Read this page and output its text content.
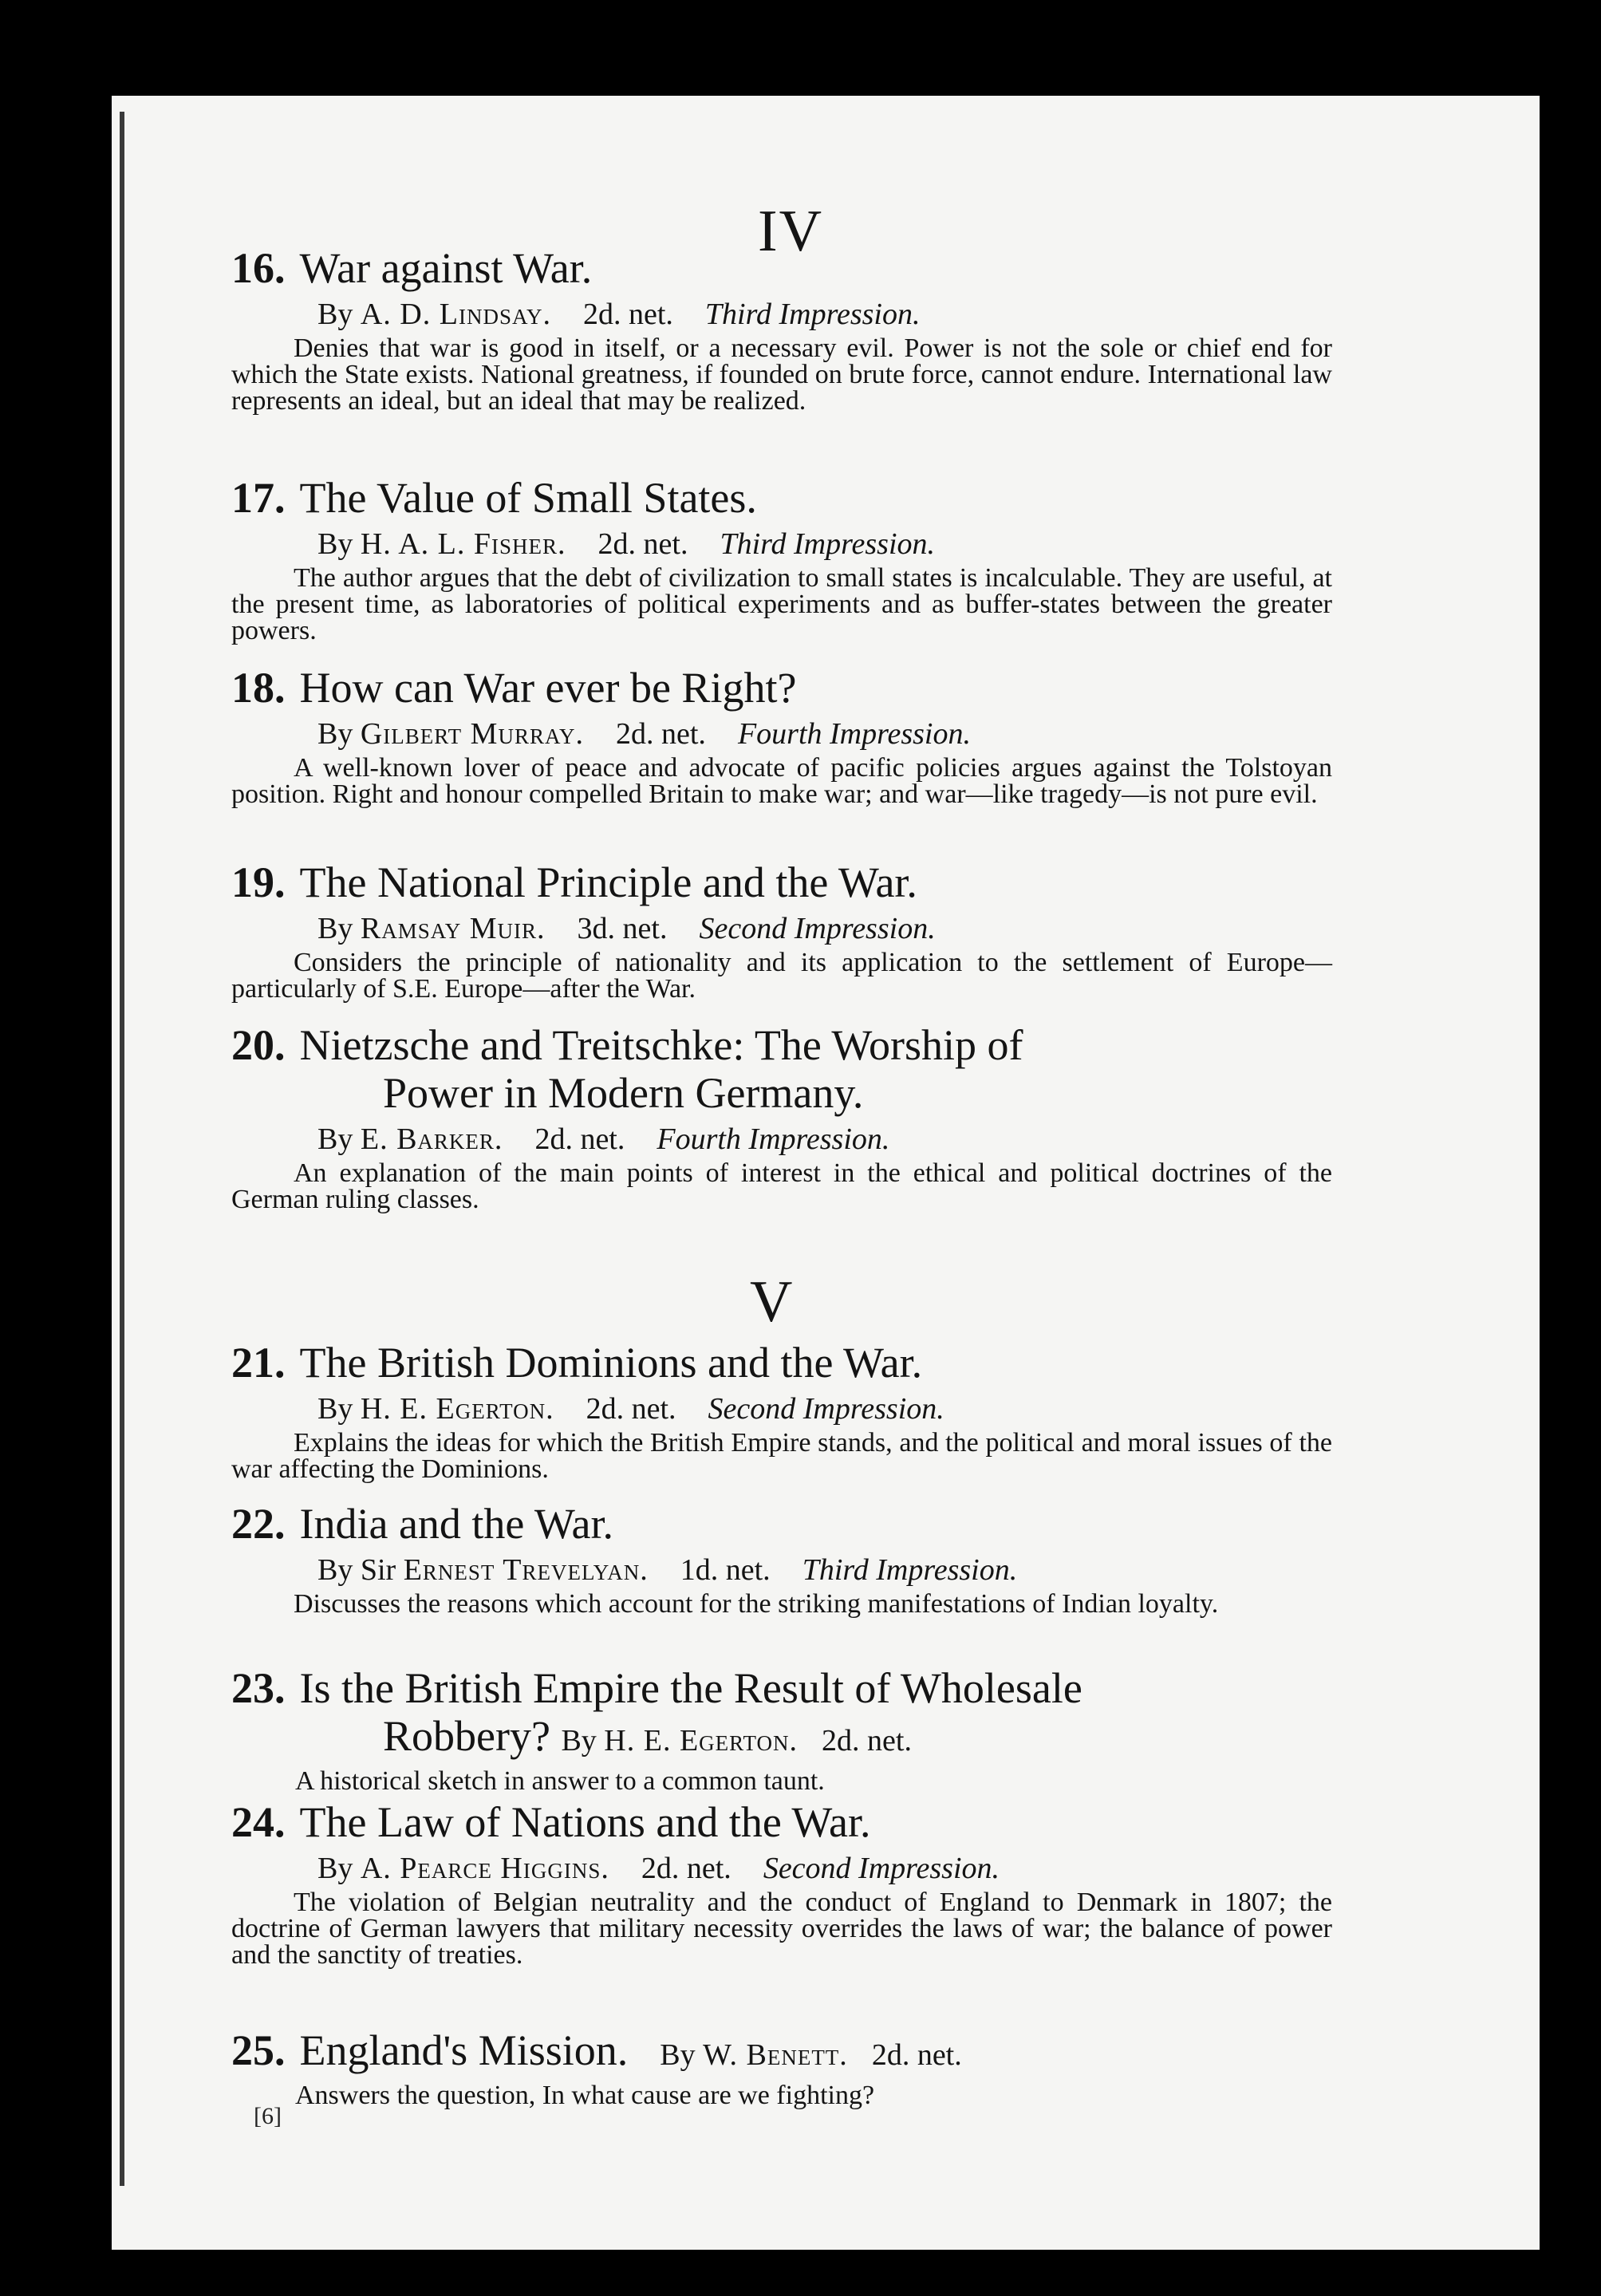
IV
V

16. War against War.

By A. D. Lindsay. 2d. net. Third Impression.

Denies that war is good in itself, or a necessary evil. Power is not the sole or chief end for which the State exists. National greatness, if founded on brute force, cannot endure. International law represents an ideal, but an ideal that may be realized.

17. The Value of Small States.

By H. A. L. Fisher. 2d. net. Third Impression.

The author argues that the debt of civilization to small states is incalculable. They are useful, at the present time, as laboratories of political experiments and as buffer-states between the greater powers.

18. How can War ever be Right?

By Gilbert Murray. 2d. net. Fourth Impression.

A well-known lover of peace and advocate of pacific policies argues against the Tolstoyan position. Right and honour compelled Britain to make war; and war—like tragedy—is not pure evil.

19. The National Principle and the War.

By Ramsay Muir. 3d. net. Second Impression.

Considers the principle of nationality and its application to the settlement of Europe—particularly of S.E. Europe—after the War.

20. Nietzsche and Treitschke: The Worship of
Power in Modern Germany.

By E. Barker. 2d. net. Fourth Impression.

An explanation of the main points of interest in the ethical and political doctrines of the German ruling classes.

21. The British Dominions and the War.

By H. E. Egerton. 2d. net. Second Impression.

Explains the ideas for which the British Empire stands, and the political and moral issues of the war affecting the Dominions.

22. India and the War.

By Sir Ernest Trevelyan. 1d. net. Third Impression.

Discusses the reasons which account for the striking manifestations of Indian loyalty.

23. Is the British Empire the Result of Wholesale
Robbery? By H. E. Egerton. 2d. net.

A historical sketch in answer to a common taunt.

24. The Law of Nations and the War.

By A. Pearce Higgins. 2d. net. Second Impression.

The violation of Belgian neutrality and the conduct of England to Denmark in 1807; the doctrine of German lawyers that military necessity overrides the laws of war; the balance of power and the sanctity of treaties.

25. England's Mission. By W. Benett. 2d. net.

Answers the question, In what cause are we fighting?

[6]
